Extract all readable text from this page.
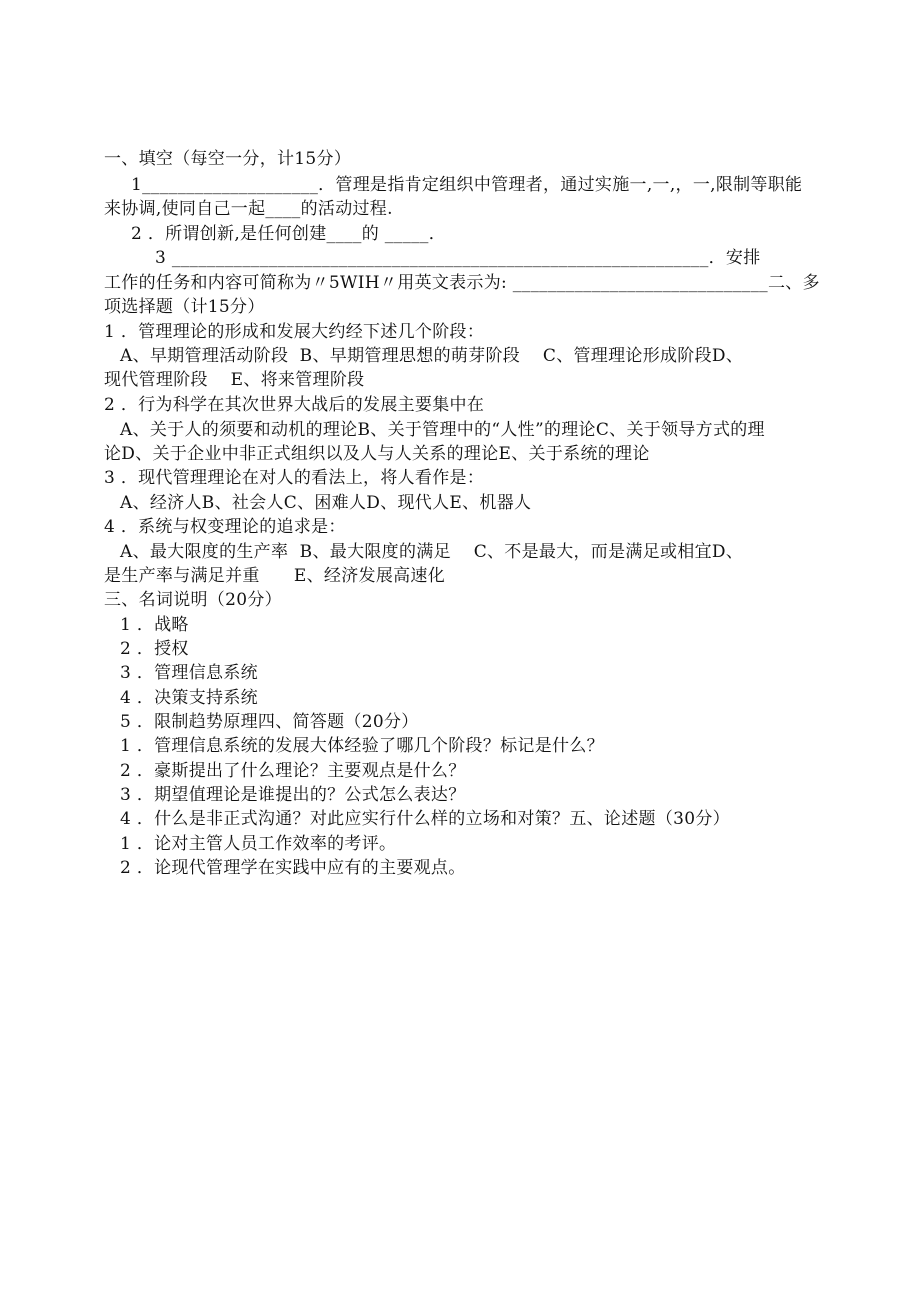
一、填空（每空一分，计15分）
1____________________．管理是指肯定组织中管理者，通过实施一,一,，一,限制等职能
来协调,使同自己一起____的活动过程.
2 ．所谓创新,是任何创建____的 _____．
3 _____________________________________________________________．安排
工作的任务和内容可简称为〃5WIH〃用英文表示为: _____________________________二、多
项选择题（计15分）
1 ．管理理论的形成和发展大约经下述几个阶段：
A、早期管理活动阶段  B、早期管理思想的萌芽阶段    C、管理理论形成阶段D、
现代管理阶段    E、将来管理阶段
2 ．行为科学在其次世界大战后的发展主要集中在
A、关于人的须要和动机的理论B、关于管理中的“人性”的理论C、关于领导方式的理
论D、关于企业中非正式组织以及人与人关系的理论E、关于系统的理论
3 ．现代管理理论在对人的看法上，将人看作是：
A、经济人B、社会人C、困难人D、现代人E、机器人
4 ．系统与权变理论的追求是：
A、最大限度的生产率  B、最大限度的满足    C、不是最大，而是满足或相宜D、
是生产率与满足并重      E、经济发展高速化
三、名词说明（20分）
1 ．战略
2 ．授权
3 ．管理信息系统
4 ．决策支持系统
5 ．限制趋势原理四、简答题（20分）
1 ．管理信息系统的发展大体经验了哪几个阶段？标记是什么？
2 ．豪斯提出了什么理论？主要观点是什么？
3 ．期望值理论是谁提出的？公式怎么表达？
4 ．什么是非正式沟通？对此应实行什么样的立场和对策？五、论述题（30分）
1 ．论对主管人员工作效率的考评。
2 ．论现代管理学在实践中应有的主要观点。
